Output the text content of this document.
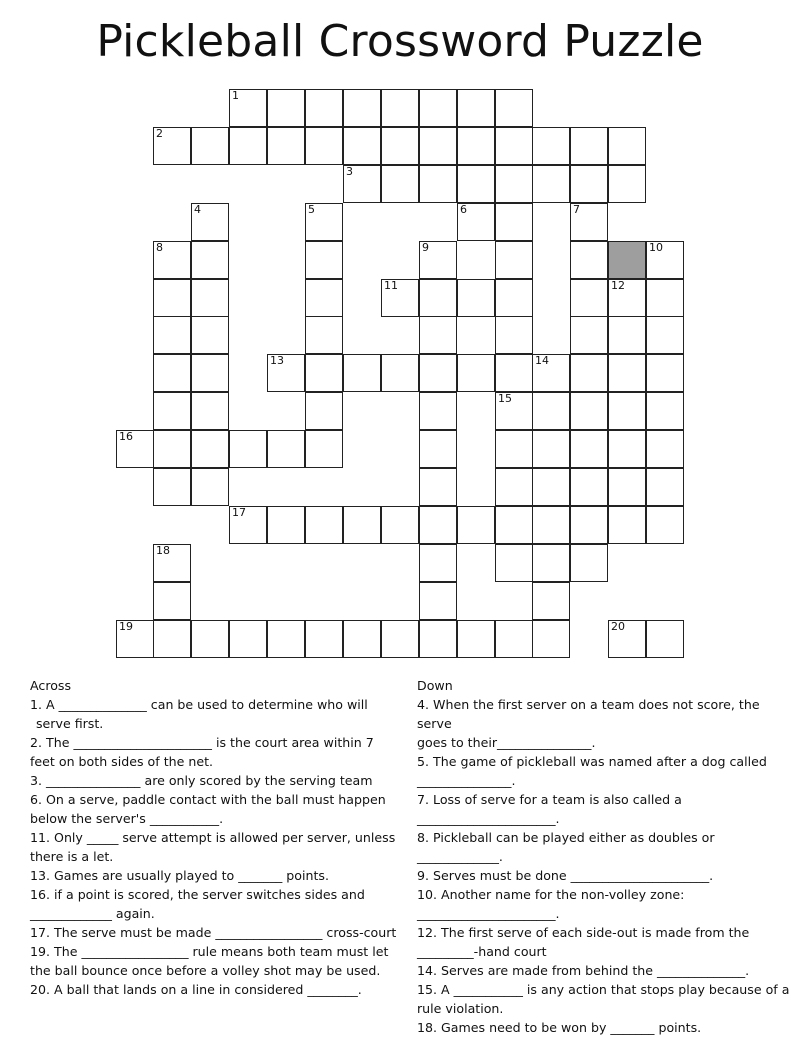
Pickleball Crossword Puzzle
1
2
3
4	5	6	7
8	9
15
12
14
11
13
16
17
18
19	20
10

Across

1. A ______________ can be used to determine who will

serve first.

2. The ______________________ is the court area within 7

feet on both sides of the net.

3. _______________ are only scored by the serving team

6. On a serve, paddle contact with the ball must happen

below the server's ___________.

11. Only _____ serve attempt is allowed per server, unless

there is a let.

13. Games are usually played to _______ points.

16. if a point is scored, the server switches sides and

_____________ again.

17. The serve must be made _________________ cross-court

19. The _________________ rule means both team must let

the ball bounce once before a volley shot may be used.

20. A ball that lands on a line in considered ________.

Down

4. When the first server on a team does not score, the serve

goes to their_______________.

5. The game of pickleball was named after a dog called

_______________.

7. Loss of serve for a team is also called a

______________________.

8. Pickleball can be played either as doubles or

_____________.

9. Serves must be done ______________________.

10. Another name for the non-volley zone:

______________________.

12. The first serve of each side-out is made from the

_________-hand court

14. Serves are made from behind the ______________.

15. A ___________ is any action that stops play because of a

rule violation.

18. Games need to be won by _______ points.
